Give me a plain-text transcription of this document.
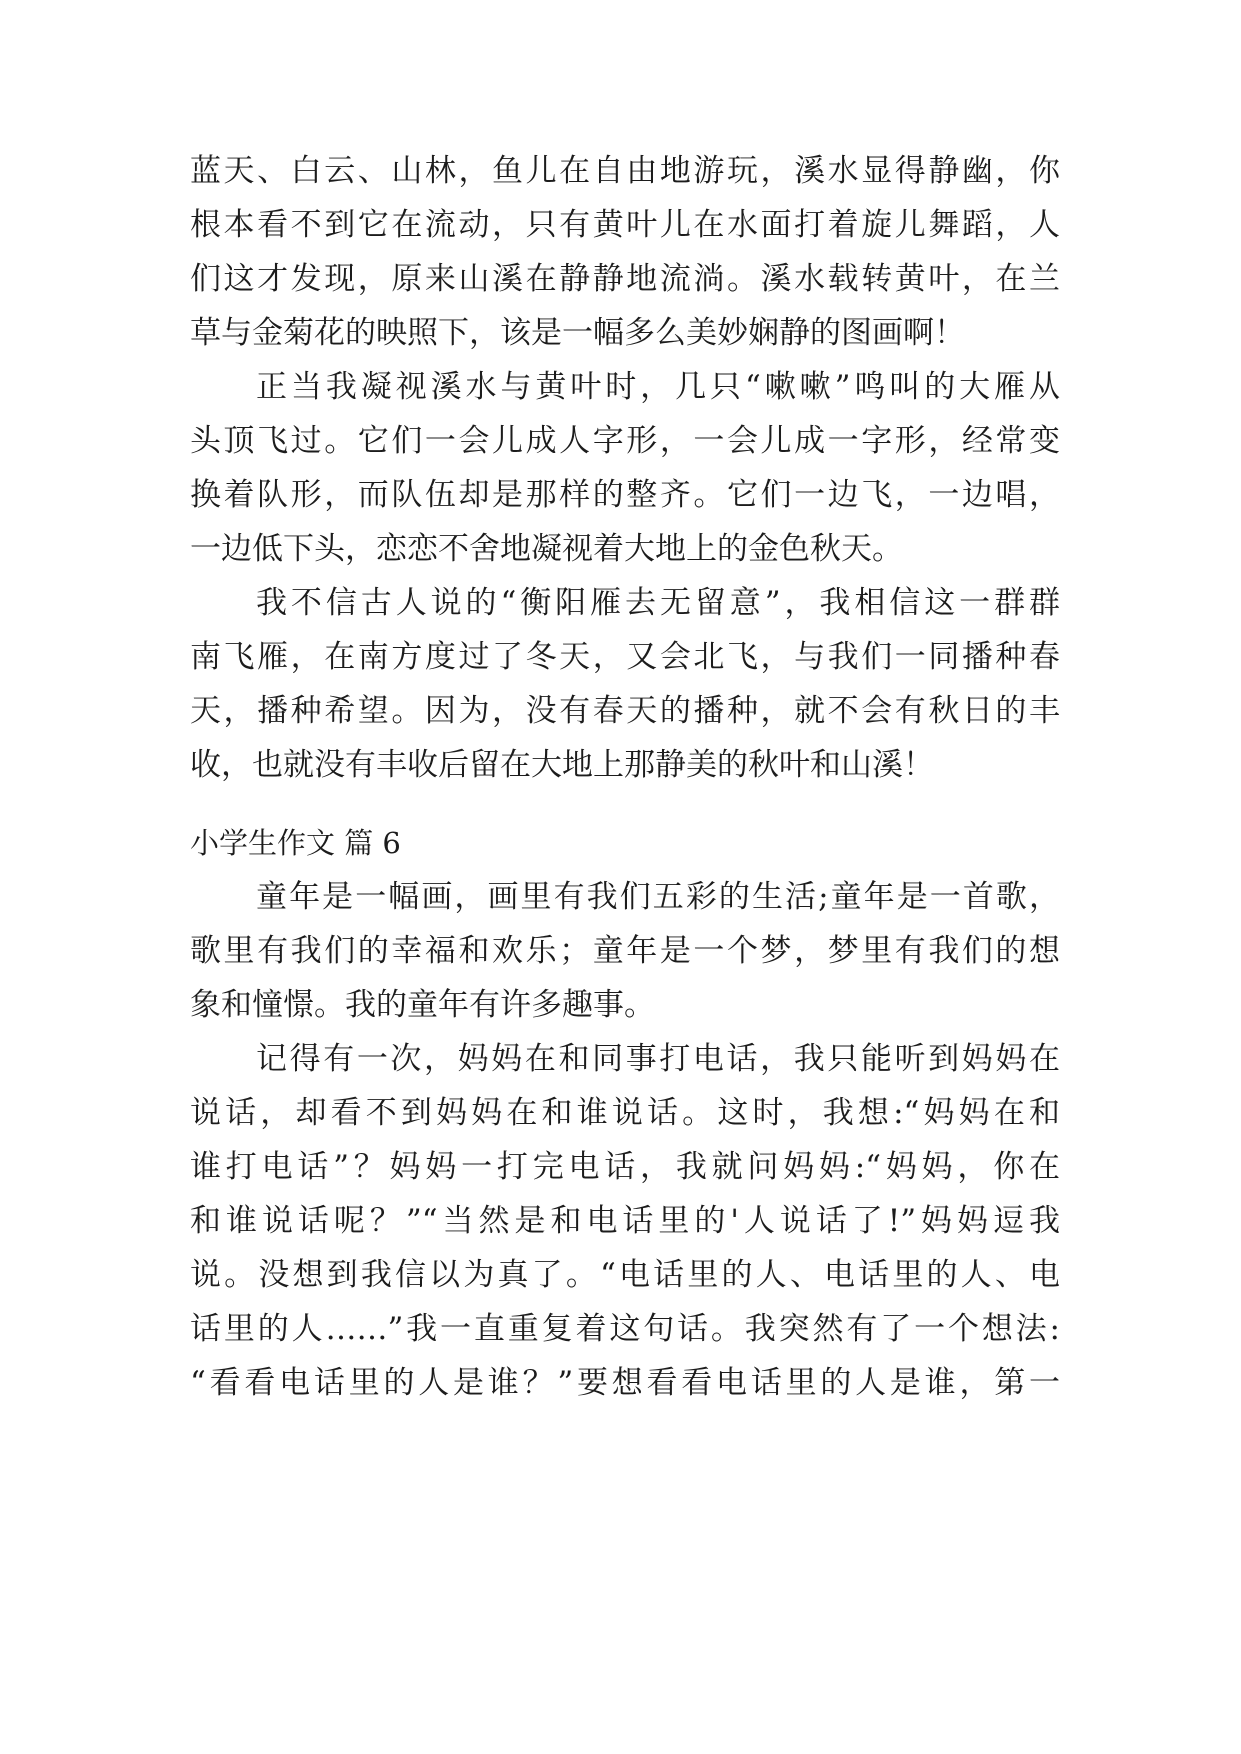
蓝天、白云、山林，鱼儿在自由地游玩，溪水显得静幽，你
根本看不到它在流动，只有黄叶儿在水面打着旋儿舞蹈，人
们这才发现，原来山溪在静静地流淌。溪水载转黄叶，在兰
草与金菊花的映照下，该是一幅多么美妙娴静的图画啊！
正当我凝视溪水与黄叶时，几只“嗽嗽”鸣叫的大雁从
头顶飞过。它们一会儿成人字形，一会儿成一字形，经常变
换着队形，而队伍却是那样的整齐。它们一边飞，一边唱，
一边低下头，恋恋不舍地凝视着大地上的金色秋天。
我不信古人说的“衡阳雁去无留意”，我相信这一群群
南飞雁，在南方度过了冬天，又会北飞，与我们一同播种春
天，播种希望。因为，没有春天的播种，就不会有秋日的丰
收，也就没有丰收后留在大地上那静美的秋叶和山溪！
小学生作文 篇 6
童年是一幅画，画里有我们五彩的生活;童年是一首歌，
歌里有我们的幸福和欢乐；童年是一个梦，梦里有我们的想
象和憧憬。我的童年有许多趣事。
记得有一次，妈妈在和同事打电话，我只能听到妈妈在
说话，却看不到妈妈在和谁说话。这时，我想:“妈妈在和
谁打电话”？妈妈一打完电话，我就问妈妈:“妈妈，你在
和谁说话呢？”“当然是和电话里的'人说话了!”妈妈逗我
说。没想到我信以为真了。“电话里的人、电话里的人、电
话里的人……”我一直重复着这句话。我突然有了一个想法:
“看看电话里的人是谁？”要想看看电话里的人是谁，第一
